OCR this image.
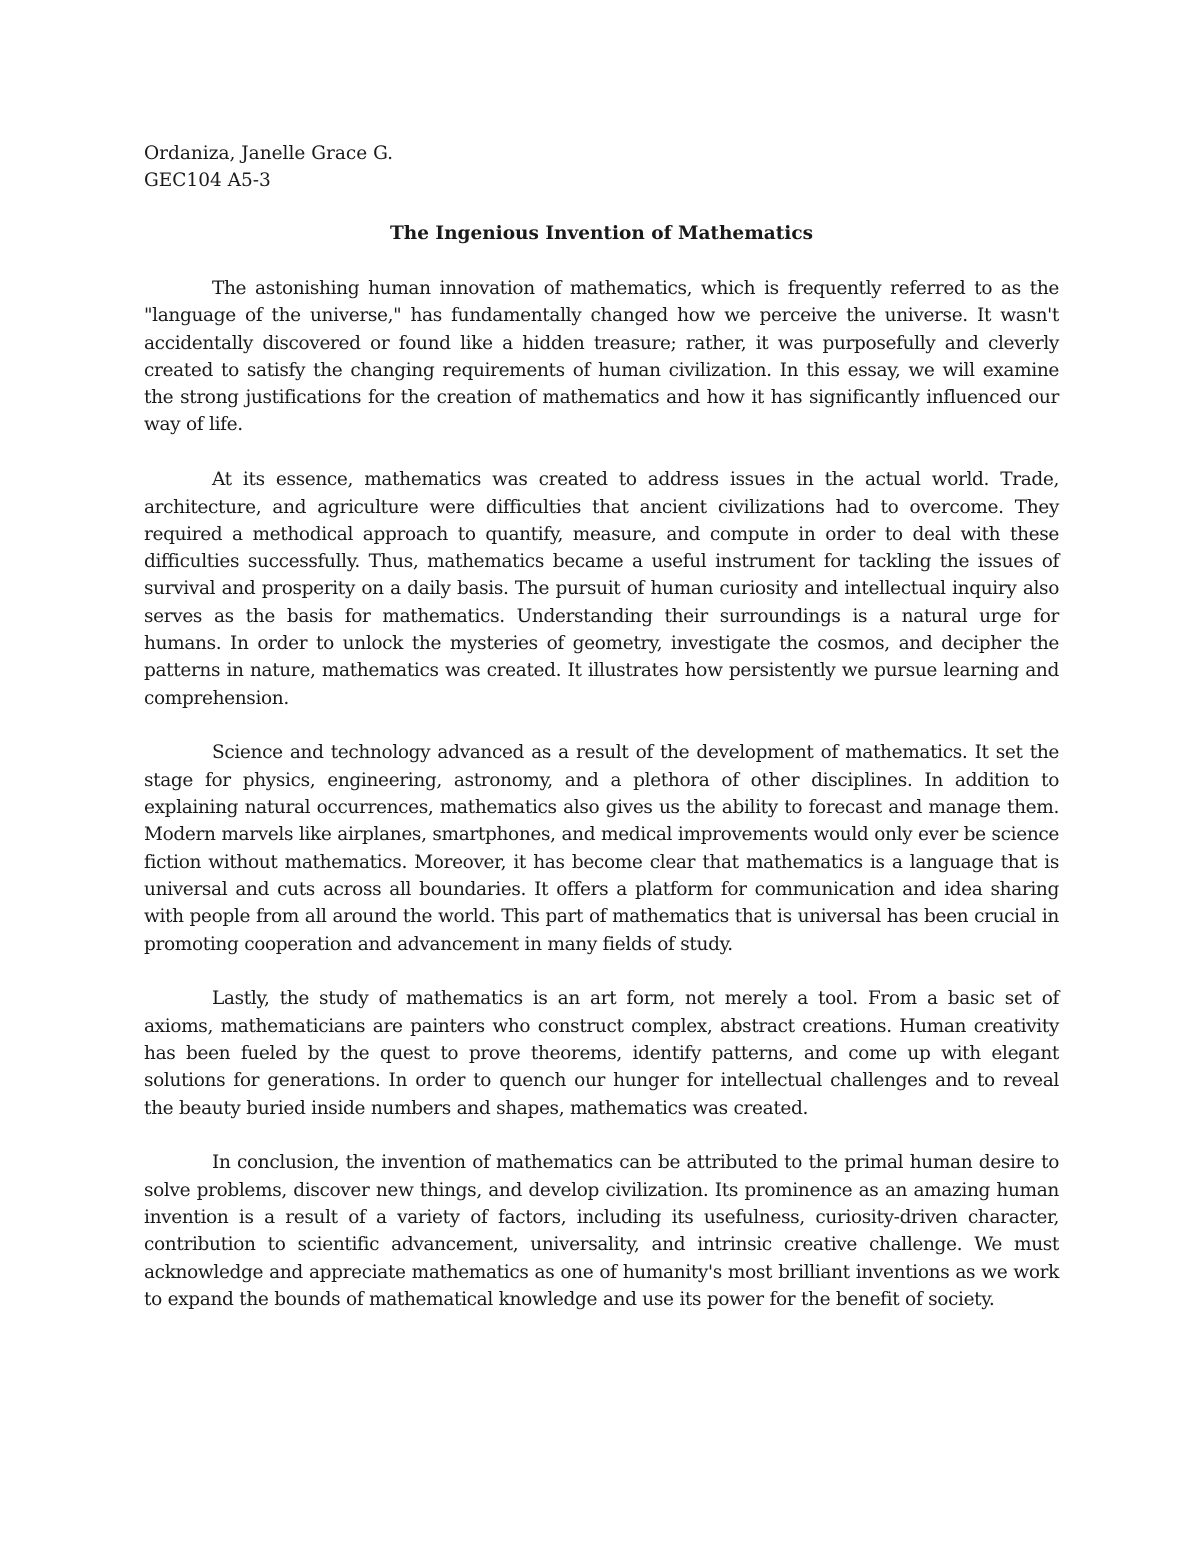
Ordaniza, Janelle Grace G.

GEC104 A5-3

The Ingenious Invention of Mathematics

The astonishing human innovation of mathematics, which is frequently referred to as the "language of the universe," has fundamentally changed how we perceive the universe. It wasn't accidentally discovered or found like a hidden treasure; rather, it was purposefully and cleverly created to satisfy the changing requirements of human civilization. In this essay, we will examine the strong justifications for the creation of mathematics and how it has significantly influenced our way of life.

At its essence, mathematics was created to address issues in the actual world. Trade, architecture, and agriculture were difficulties that ancient civilizations had to overcome. They required a methodical approach to quantify, measure, and compute in order to deal with these difficulties successfully. Thus, mathematics became a useful instrument for tackling the issues of survival and prosperity on a daily basis. The pursuit of human curiosity and intellectual inquiry also serves as the basis for mathematics. Understanding their surroundings is a natural urge for humans. In order to unlock the mysteries of geometry, investigate the cosmos, and decipher the patterns in nature, mathematics was created. It illustrates how persistently we pursue learning and comprehension.

Science and technology advanced as a result of the development of mathematics. It set the stage for physics, engineering, astronomy, and a plethora of other disciplines. In addition to explaining natural occurrences, mathematics also gives us the ability to forecast and manage them. Modern marvels like airplanes, smartphones, and medical improvements would only ever be science fiction without mathematics. Moreover, it has become clear that mathematics is a language that is universal and cuts across all boundaries. It offers a platform for communication and idea sharing with people from all around the world. This part of mathematics that is universal has been crucial in promoting cooperation and advancement in many fields of study.

Lastly, the study of mathematics is an art form, not merely a tool. From a basic set of axioms, mathematicians are painters who construct complex, abstract creations. Human creativity has been fueled by the quest to prove theorems, identify patterns, and come up with elegant solutions for generations. In order to quench our hunger for intellectual challenges and to reveal the beauty buried inside numbers and shapes, mathematics was created.

In conclusion, the invention of mathematics can be attributed to the primal human desire to solve problems, discover new things, and develop civilization. Its prominence as an amazing human invention is a result of a variety of factors, including its usefulness, curiosity-driven character, contribution to scientific advancement, universality, and intrinsic creative challenge. We must acknowledge and appreciate mathematics as one of humanity's most brilliant inventions as we work to expand the bounds of mathematical knowledge and use its power for the benefit of society.
